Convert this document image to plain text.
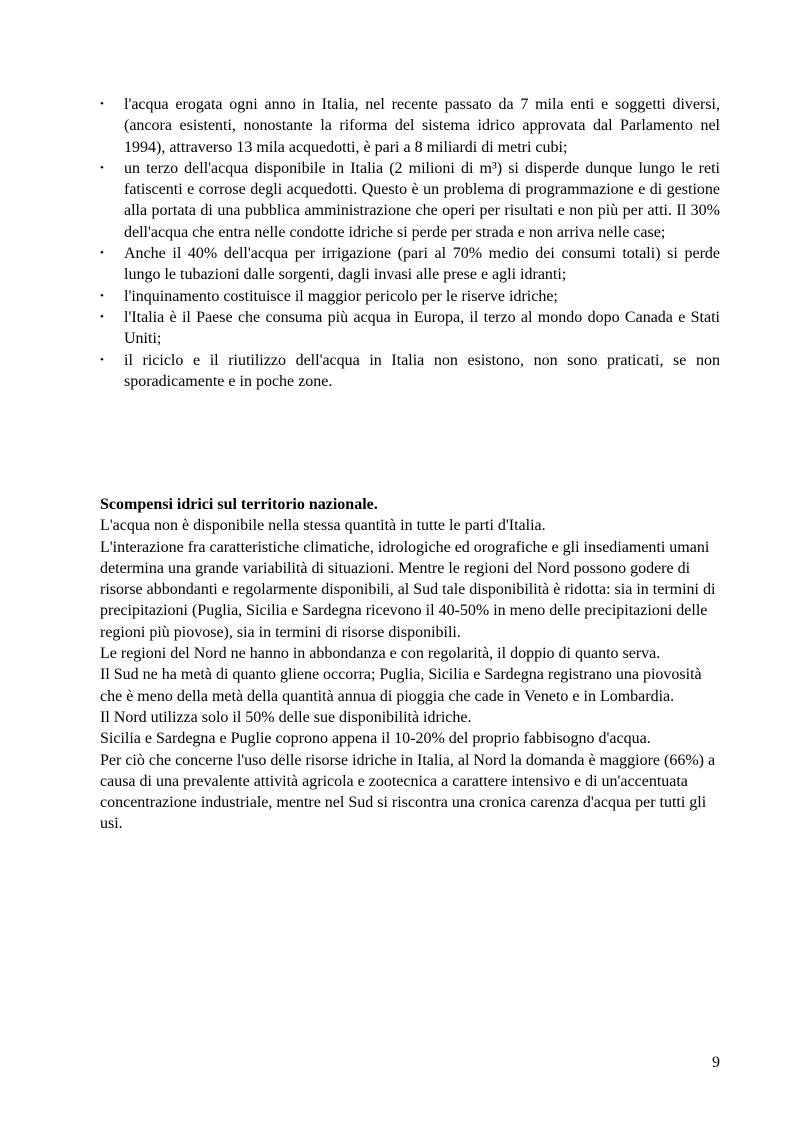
• l'acqua erogata ogni anno in Italia, nel recente passato da 7 mila enti e soggetti diversi, (ancora esistenti, nonostante la riforma del sistema idrico approvata dal Parlamento nel 1994), attraverso 13 mila acquedotti, è pari a 8 miliardi di metri cubi;
• un terzo dell'acqua disponibile in Italia (2 milioni di m³) si disperde dunque lungo le reti fatiscenti e corrose degli acquedotti. Questo è un problema di programmazione e di gestione alla portata di una pubblica amministrazione che operi per risultati e non più per atti. Il 30% dell'acqua che entra nelle condotte idriche si perde per strada e non arriva nelle case;
• Anche il 40% dell'acqua per irrigazione (pari al 70% medio dei consumi totali) si perde lungo le tubazioni dalle sorgenti, dagli invasi alle prese e agli idranti;
• l'inquinamento costituisce il maggior pericolo per le riserve idriche;
• l'Italia è il Paese che consuma più acqua in Europa, il terzo al mondo dopo Canada e Stati Uniti;
• il riciclo e il riutilizzo dell'acqua in Italia non esistono, non sono praticati, se non sporadicamente e in poche zone.
Scompensi idrici sul territorio nazionale.

L'acqua non è disponibile nella stessa quantità in tutte le parti d'Italia.

L'interazione fra caratteristiche climatiche, idrologiche ed orografiche e gli insediamenti umani determina una grande variabilità di situazioni. Mentre le regioni del Nord possono godere di risorse abbondanti e regolarmente disponibili, al Sud tale disponibilità è ridotta: sia in termini di precipitazioni (Puglia, Sicilia e Sardegna ricevono il 40-50% in meno delle precipitazioni delle regioni più piovose), sia in termini di risorse disponibili.

Le regioni del Nord ne hanno in abbondanza e con regolarità, il doppio di quanto serva.

Il Sud ne ha metà di quanto gliene occorra; Puglia, Sicilia e Sardegna registrano una piovosità che è meno della metà della quantità annua di pioggia che cade in Veneto e in Lombardia.

Il Nord utilizza solo il 50% delle sue disponibilità idriche.

Sicilia e Sardegna e Puglie coprono appena il 10-20% del proprio fabbisogno d'acqua.

Per ciò che concerne l'uso delle risorse idriche in Italia, al Nord la domanda è maggiore (66%) a causa di una prevalente attività agricola e zootecnica a carattere intensivo e di un'accentuata concentrazione industriale, mentre nel Sud si riscontra una cronica carenza d'acqua per tutti gli usi.

9
